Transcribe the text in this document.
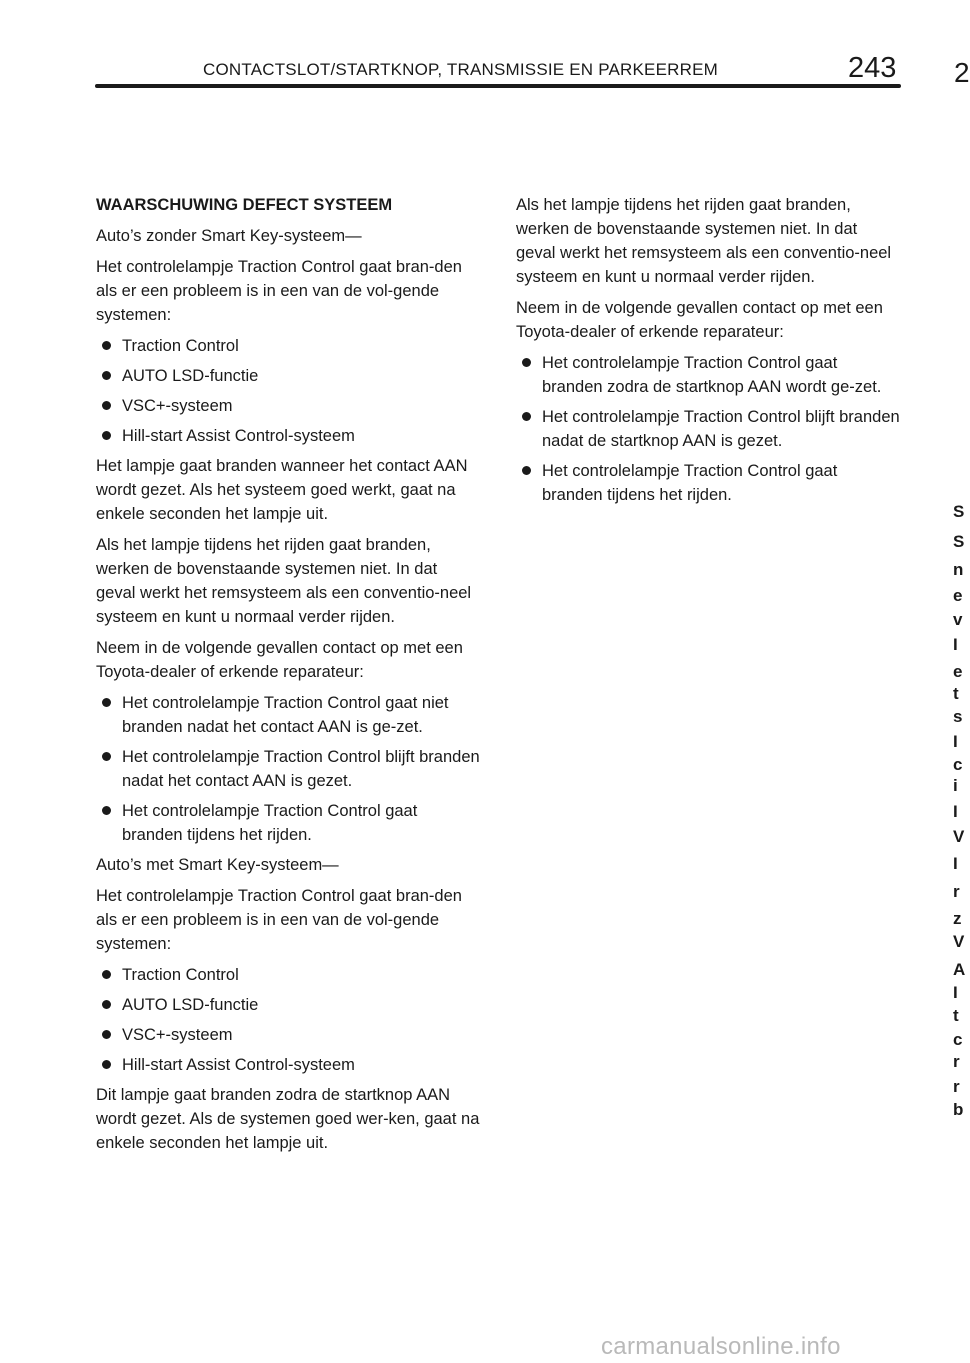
CONTACTSLOT/STARTKNOP, TRANSMISSIE EN PARKEERREM	243 2

WAARSCHUWING DEFECT SYSTEEM

Auto’s zonder Smart Key-systeem—

Het controlelampje Traction Control gaat bran-den als er een probleem is in een van de vol-gende systemen:

Traction Control
AUTO LSD-functie
VSC+-systeem
Hill-start Assist Control-systeem

Het lampje gaat branden wanneer het contact AAN wordt gezet. Als het systeem goed werkt, gaat na enkele seconden het lampje uit.

Als het lampje tijdens het rijden gaat branden, werken de bovenstaande systemen niet. In dat geval werkt het remsysteem als een conventio-neel systeem en kunt u normaal verder rijden.

Neem in de volgende gevallen contact op met een Toyota-dealer of erkende reparateur:

Het controlelampje Traction Control gaat niet branden nadat het contact AAN is ge-zet.
Het controlelampje Traction Control blijft branden nadat het contact AAN is gezet.
Het controlelampje Traction Control gaat branden tijdens het rijden.

Auto’s met Smart Key-systeem—

Het controlelampje Traction Control gaat bran-den als er een probleem is in een van de vol-gende systemen:

Traction Control
AUTO LSD-functie
VSC+-systeem
Hill-start Assist Control-systeem

Dit lampje gaat branden zodra de startknop AAN wordt gezet. Als de systemen goed wer-ken, gaat na enkele seconden het lampje uit.

Als het lampje tijdens het rijden gaat branden, werken de bovenstaande systemen niet. In dat geval werkt het remsysteem als een conventio-neel systeem en kunt u normaal verder rijden.

Neem in de volgende gevallen contact op met een Toyota-dealer of erkende reparateur:

Het controlelampje Traction Control gaat branden zodra de startknop AAN wordt ge-zet.
Het controlelampje Traction Control blijft branden nadat de startknop AAN is gezet.
Het controlelampje Traction Control gaat branden tijdens het rijden.
S
S
n
e
v
I
e
t
s
I
c
i
I
V
I
r
z
V
A
I
t
c
r
r
b
carmanualsonline.info
